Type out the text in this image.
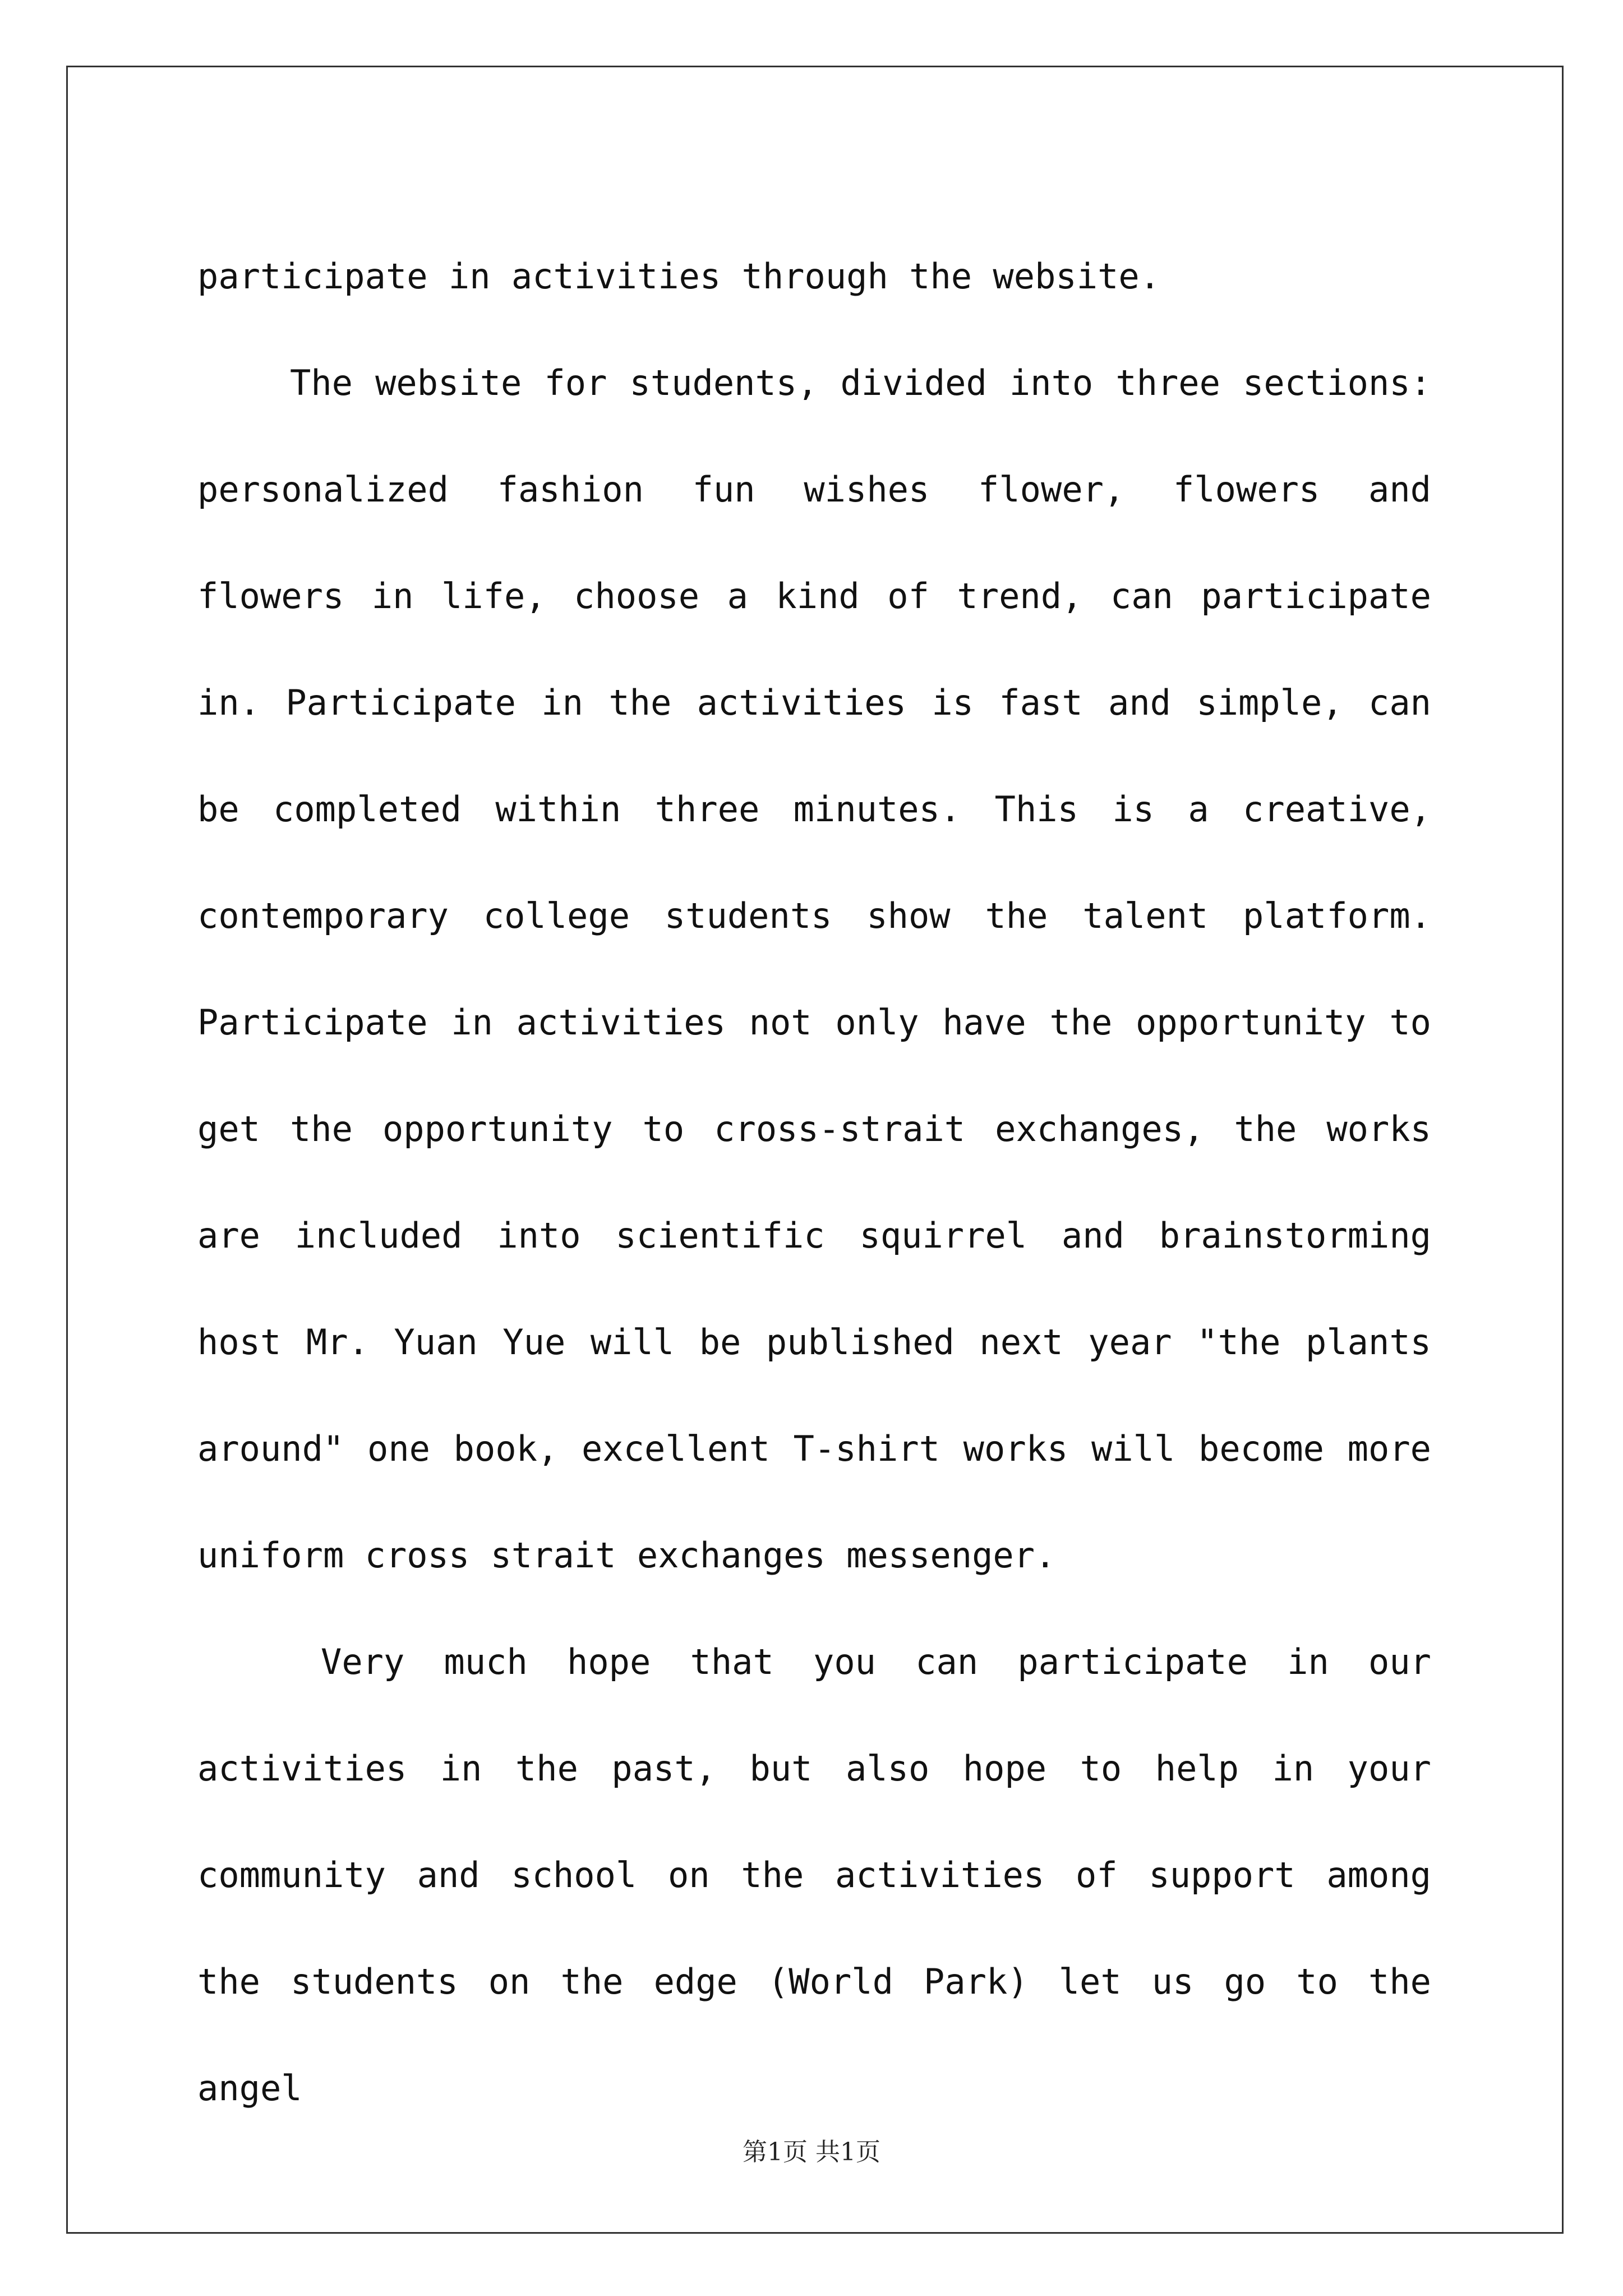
participate in activities through the website.

The website for students, divided into three sections: personalized fashion fun wishes flower, flowers and flowers in life, choose a kind of trend, can participate in. Participate in the activities is fast and simple, can be completed within three minutes. This is a creative, contemporary college students show the talent platform. Participate in activities not only have the opportunity to get the opportunity to cross-strait exchanges, the works are included into scientific squirrel and brainstorming host Mr. Yuan Yue will be published next year "the plants around" one book, excellent T-shirt works will become more uniform cross strait exchanges messenger.

Very much hope that you can participate in our activities in the past, but also hope to help in your community and school on the activities of support among the students on the edge (World Park) let us go to the angel

第1页 共1页
